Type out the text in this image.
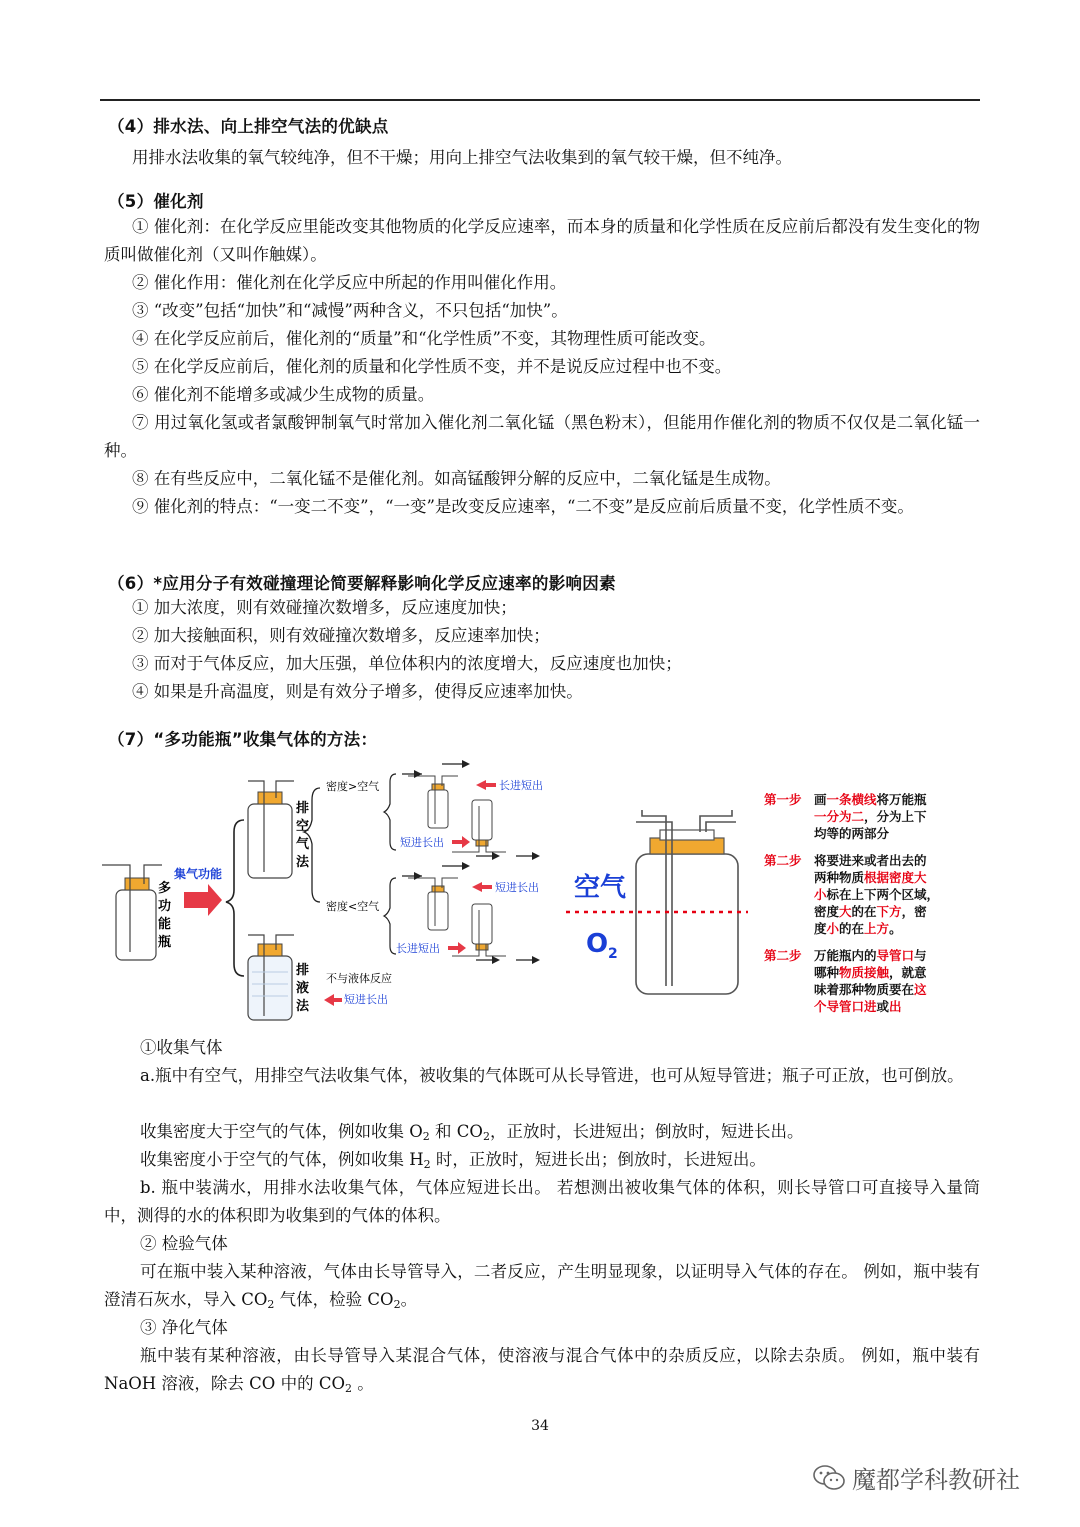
（4）排水法、向上排空气法的优缺点
用排水法收集的氧气较纯净，但不干燥；用向上排空气法收集到的氧气较干燥，但不纯净。
（5）催化剂
① 催化剂：在化学反应里能改变其他物质的化学反应速率，而本身的质量和化学性质在反应前后都没有发生变化的物质叫做催化剂（又叫作触媒）。
② 催化作用：催化剂在化学反应中所起的作用叫催化作用。
③ “改变”包括“加快”和“减慢”两种含义，不只包括“加快”。
④ 在化学反应前后，催化剂的“质量”和“化学性质”不变，其物理性质可能改变。
⑤ 在化学反应前后，催化剂的质量和化学性质不变，并不是说反应过程中也不变。
⑥ 催化剂不能增多或减少生成物的质量。
⑦ 用过氧化氢或者氯酸钾制氧气时常加入催化剂二氧化锰（黑色粉末），但能用作催化剂的物质不仅仅是二氧化锰一种。
⑧ 在有些反应中，二氧化锰不是催化剂。如高锰酸钾分解的反应中，二氧化锰是生成物。
⑨ 催化剂的特点：“一变二不变”，“一变”是改变反应速率，“二不变”是反应前后质量不变，化学性质不变。
（6）*应用分子有效碰撞理论简要解释影响化学反应速率的影响因素
① 加大浓度，则有效碰撞次数增多，反应速度加快；
② 加大接触面积，则有效碰撞次数增多，反应速率加快；
③ 而对于气体反应，加大压强，单位体积内的浓度增大，反应速度也加快；
④ 如果是升高温度，则是有效分子增多，使得反应速率加快。
（7）“多功能瓶”收集气体的方法：
多
功
能
瓶
集气功能
排
空
气
法
排
液
法
不与液体反应
短进长出
密度>空气
密度<空气
长进短出
短进长出
短进长出
长进短出
空气
O 2
第一步 画一条横线将万能瓶
一分为二，分为上下
均等的两部分
第二步 将要进来或者出去的
两种物质根据密度大
小标在上下两个区域，
密度大的在下方，密
度小的在上方。
第二步 万能瓶内的导管口与
哪种物质接触，就意
味着那种物质要在这
个导管口进或出
①收集气体
a.瓶中有空气，用排空气法收集气体，被收集的气体既可从长导管进，也可从短导管进；瓶子可正放，也可倒放。
收集密度大于空气的气体，例如收集 $O_2$ 和 $CO_2$，正放时，长进短出；倒放时，短进长出。
收集密度小于空气的气体，例如收集 $H_2$ 时，正放时，短进长出；倒放时，长进短出。
b. 瓶中装满水，用排水法收集气体，气体应短进长出。 若想测出被收集气体的体积，则长导管口可直接导入量筒中，测得的水的体积即为收集到的气体的体积。
② 检验气体
可在瓶中装入某种溶液，气体由长导管导入，二者反应，产生明显现象，以证明导入气体的存在。 例如，瓶中装有澄清石灰水，导入 $CO_2$ 气体，检验 $CO_2$。
③ 净化气体
瓶中装有某种溶液，由长导管导入某混合气体，使溶液与混合气体中的杂质反应，以除去杂质。 例如，瓶中装有 NaOH 溶液，除去 CO 中的 $CO_2$ 。
34
魔都学科教研社
